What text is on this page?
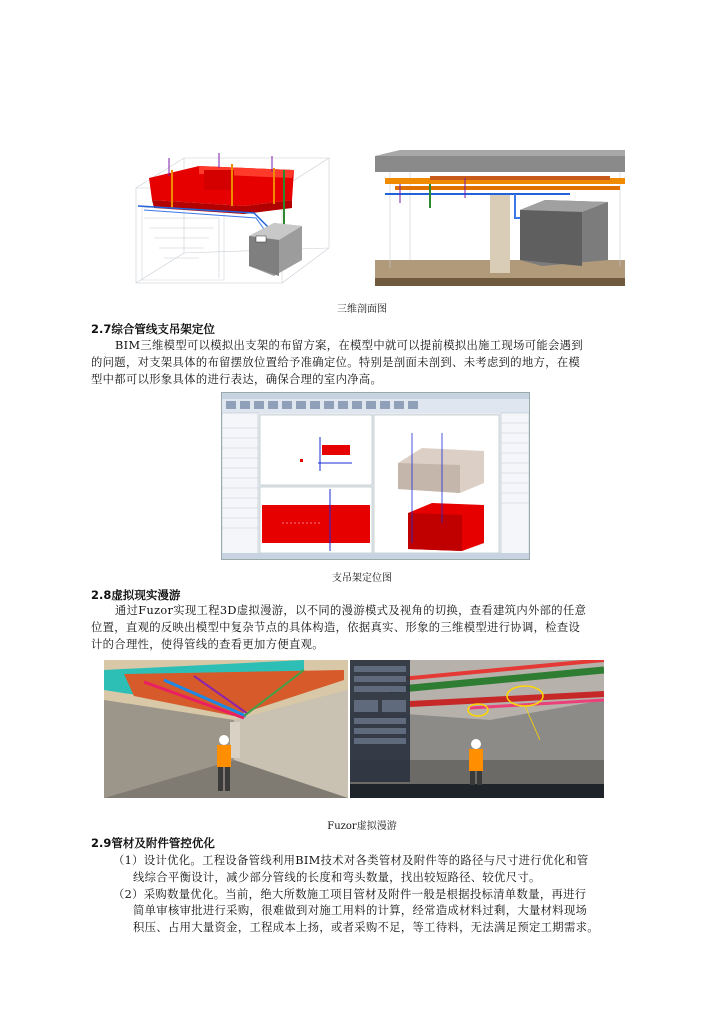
三维剖面图
2.7综合管线支吊架定位
BIM三维模型可以模拟出支架的布留方案，在模型中就可以提前模拟出施工现场可能会遇到
的问题，对支架具体的布留摆放位置给予准确定位。特别是剖面未剖到、未考虑到的地方，在模
型中都可以形象具体的进行表达，确保合理的室内净高。
支吊架定位图
2.8虚拟现实漫游
通过Fuzor实现工程3D虚拟漫游，以不同的漫游模式及视角的切换，查看建筑内外部的任意
位置，直观的反映出模型中复杂节点的具体构造，依据真实、形象的三维模型进行协调，检查设
计的合理性，使得管线的查看更加方便直观。
Fuzor虚拟漫游
2.9管材及附件管控优化
（1）设计优化。工程设备管线利用BIM技术对各类管材及附件等的路径与尺寸进行优化和管
线综合平衡设计，减少部分管线的长度和弯头数量，找出较短路径、较优尺寸。
（2）采购数量优化。当前，绝大所数施工项目管材及附件一般是根据投标清单数量，再进行
简单审核审批进行采购，很难做到对施工用料的计算，经常造成材料过剩，大量材料现场
积压、占用大量资金，工程成本上扬，或者采购不足，等工待料，无法满足预定工期需求。
